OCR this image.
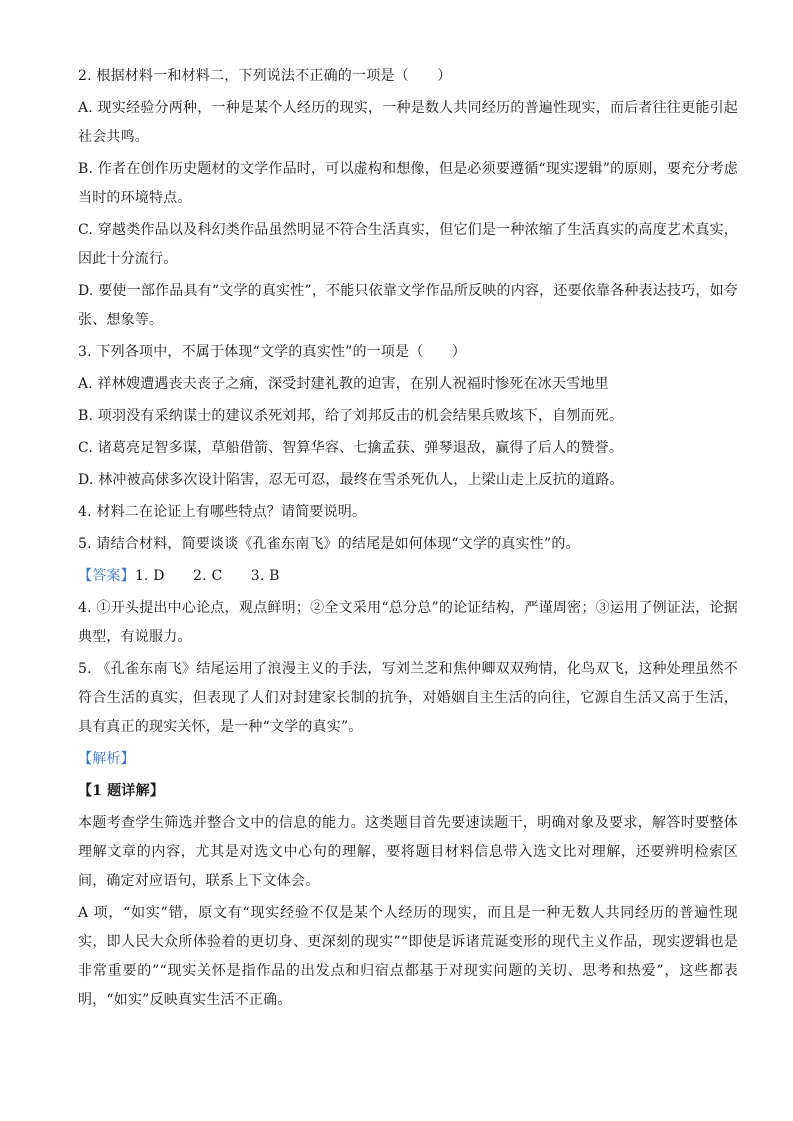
2. 根据材料一和材料二，下列说法不正确的一项是（　　）

A. 现实经验分两种，一种是某个人经历的现实，一种是数人共同经历的普遍性现实，而后者往往更能引起社会共鸣。

B. 作者在创作历史题材的文学作品时，可以虚构和想像，但是必须要遵循“现实逻辑”的原则，要充分考虑当时的环境特点。

C. 穿越类作品以及科幻类作品虽然明显不符合生活真实，但它们是一种浓缩了生活真实的高度艺术真实，因此十分流行。

D. 要使一部作品具有“文学的真实性”，不能只依靠文学作品所反映的内容，还要依靠各种表达技巧，如夸张、想象等。

3. 下列各项中，不属于体现“文学的真实性”的一项是（　　）

A. 祥林嫂遭遇丧夫丧子之痛，深受封建礼教的迫害，在别人祝福时惨死在冰天雪地里

B. 项羽没有采纳谋士的建议杀死刘邦，给了刘邦反击的机会结果兵败垓下，自刎而死。

C. 诸葛亮足智多谋，草船借箭、智算华容、七擒孟获、弹琴退敌，赢得了后人的赞誉。

D. 林冲被高俅多次设计陷害，忍无可忍，最终在雪杀死仇人，上梁山走上反抗的道路。

4. 材料二在论证上有哪些特点？请简要说明。

5. 请结合材料，简要谈谈《孔雀东南飞》的结尾是如何体现“文学的真实性”的。

【答案】1. D　　2. C　　3. B

4. ①开头提出中心论点，观点鲜明；②全文采用“总分总”的论证结构，严谨周密；③运用了例证法，论据典型，有说服力。

5. 《孔雀东南飞》结尾运用了浪漫主义的手法，写刘兰芝和焦仲卿双双殉情，化鸟双飞，这种处理虽然不符合生活的真实，但表现了人们对封建家长制的抗争，对婚姻自主生活的向往，它源自生活又高于生活，具有真正的现实关怀，是一种“文学的真实”。

【解析】

【1 题详解】

本题考查学生筛选并整合文中的信息的能力。这类题目首先要速读题干，明确对象及要求，解答时要整体理解文章的内容，尤其是对选文中心句的理解，要将题目材料信息带入选文比对理解，还要辨明检索区间，确定对应语句，联系上下文体会。

A 项，“如实”错，原文有“现实经验不仅是某个人经历的现实，而且是一种无数人共同经历的普遍性现实，即人民大众所体验着的更切身、更深刻的现实”“即使是诉诸荒诞变形的现代主义作品，现实逻辑也是非常重要的”“现实关怀是指作品的出发点和归宿点都基于对现实问题的关切、思考和热爱”，这些都表明，“如实”反映真实生活不正确。
